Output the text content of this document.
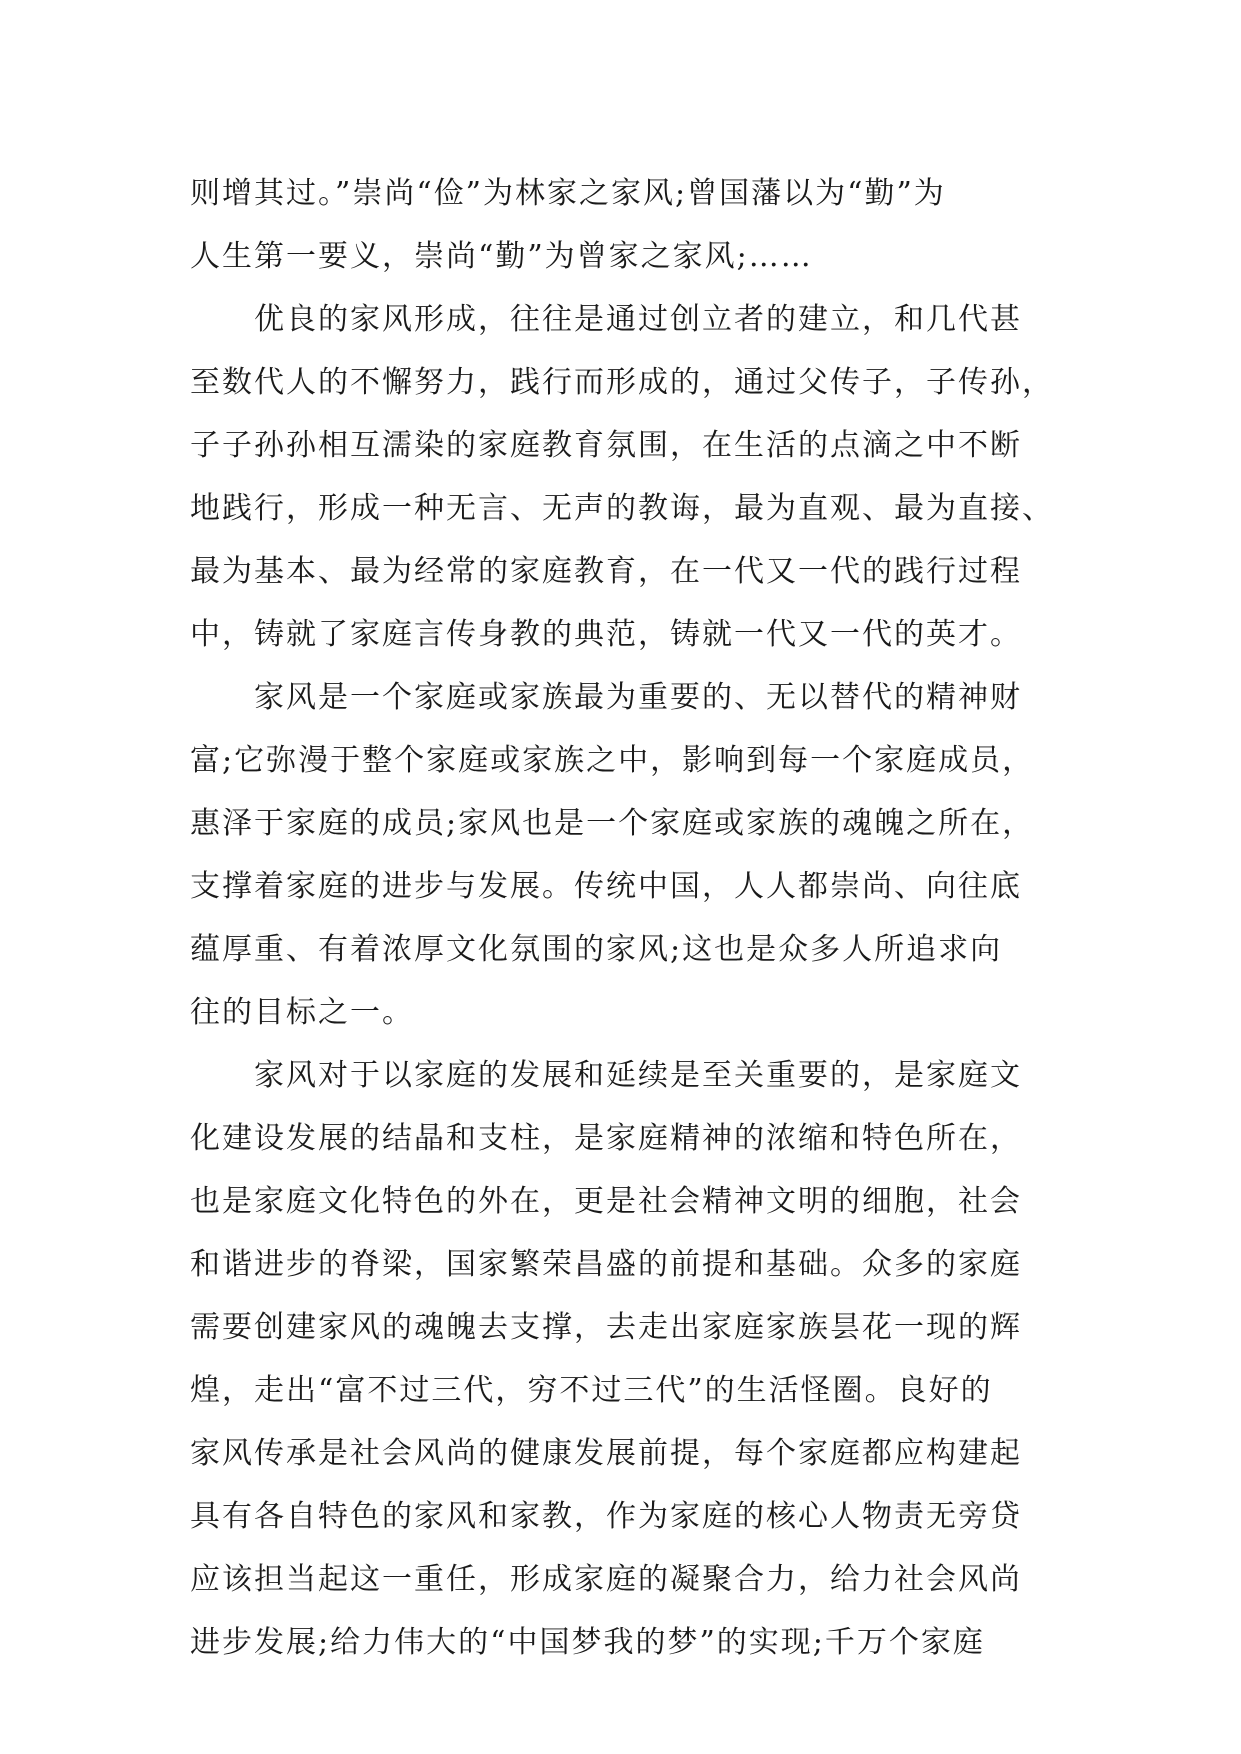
则增其过。”崇尚“俭”为林家之家风;曾国藩以为“勤”为
人生第一要义，崇尚“勤”为曾家之家风;……
优良的家风形成，往往是通过创立者的建立，和几代甚
至数代人的不懈努力，践行而形成的，通过父传子，子传孙，
子子孙孙相互濡染的家庭教育氛围，在生活的点滴之中不断
地践行，形成一种无言、无声的教诲，最为直观、最为直接、
最为基本、最为经常的家庭教育，在一代又一代的践行过程
中，铸就了家庭言传身教的典范，铸就一代又一代的英才。
家风是一个家庭或家族最为重要的、无以替代的精神财
富;它弥漫于整个家庭或家族之中，影响到每一个家庭成员，
惠泽于家庭的成员;家风也是一个家庭或家族的魂魄之所在，
支撑着家庭的进步与发展。传统中国，人人都崇尚、向往底
蕴厚重、有着浓厚文化氛围的家风;这也是众多人所追求向
往的目标之一。
家风对于以家庭的发展和延续是至关重要的，是家庭文
化建设发展的结晶和支柱，是家庭精神的浓缩和特色所在，
也是家庭文化特色的外在，更是社会精神文明的细胞，社会
和谐进步的脊梁，国家繁荣昌盛的前提和基础。众多的家庭
需要创建家风的魂魄去支撑，去走出家庭家族昙花一现的辉
煌，走出“富不过三代，穷不过三代”的生活怪圈。良好的
家风传承是社会风尚的健康发展前提，每个家庭都应构建起
具有各自特色的家风和家教，作为家庭的核心人物责无旁贷
应该担当起这一重任，形成家庭的凝聚合力，给力社会风尚
进步发展;给力伟大的“中国梦我的梦”的实现;千万个家庭
